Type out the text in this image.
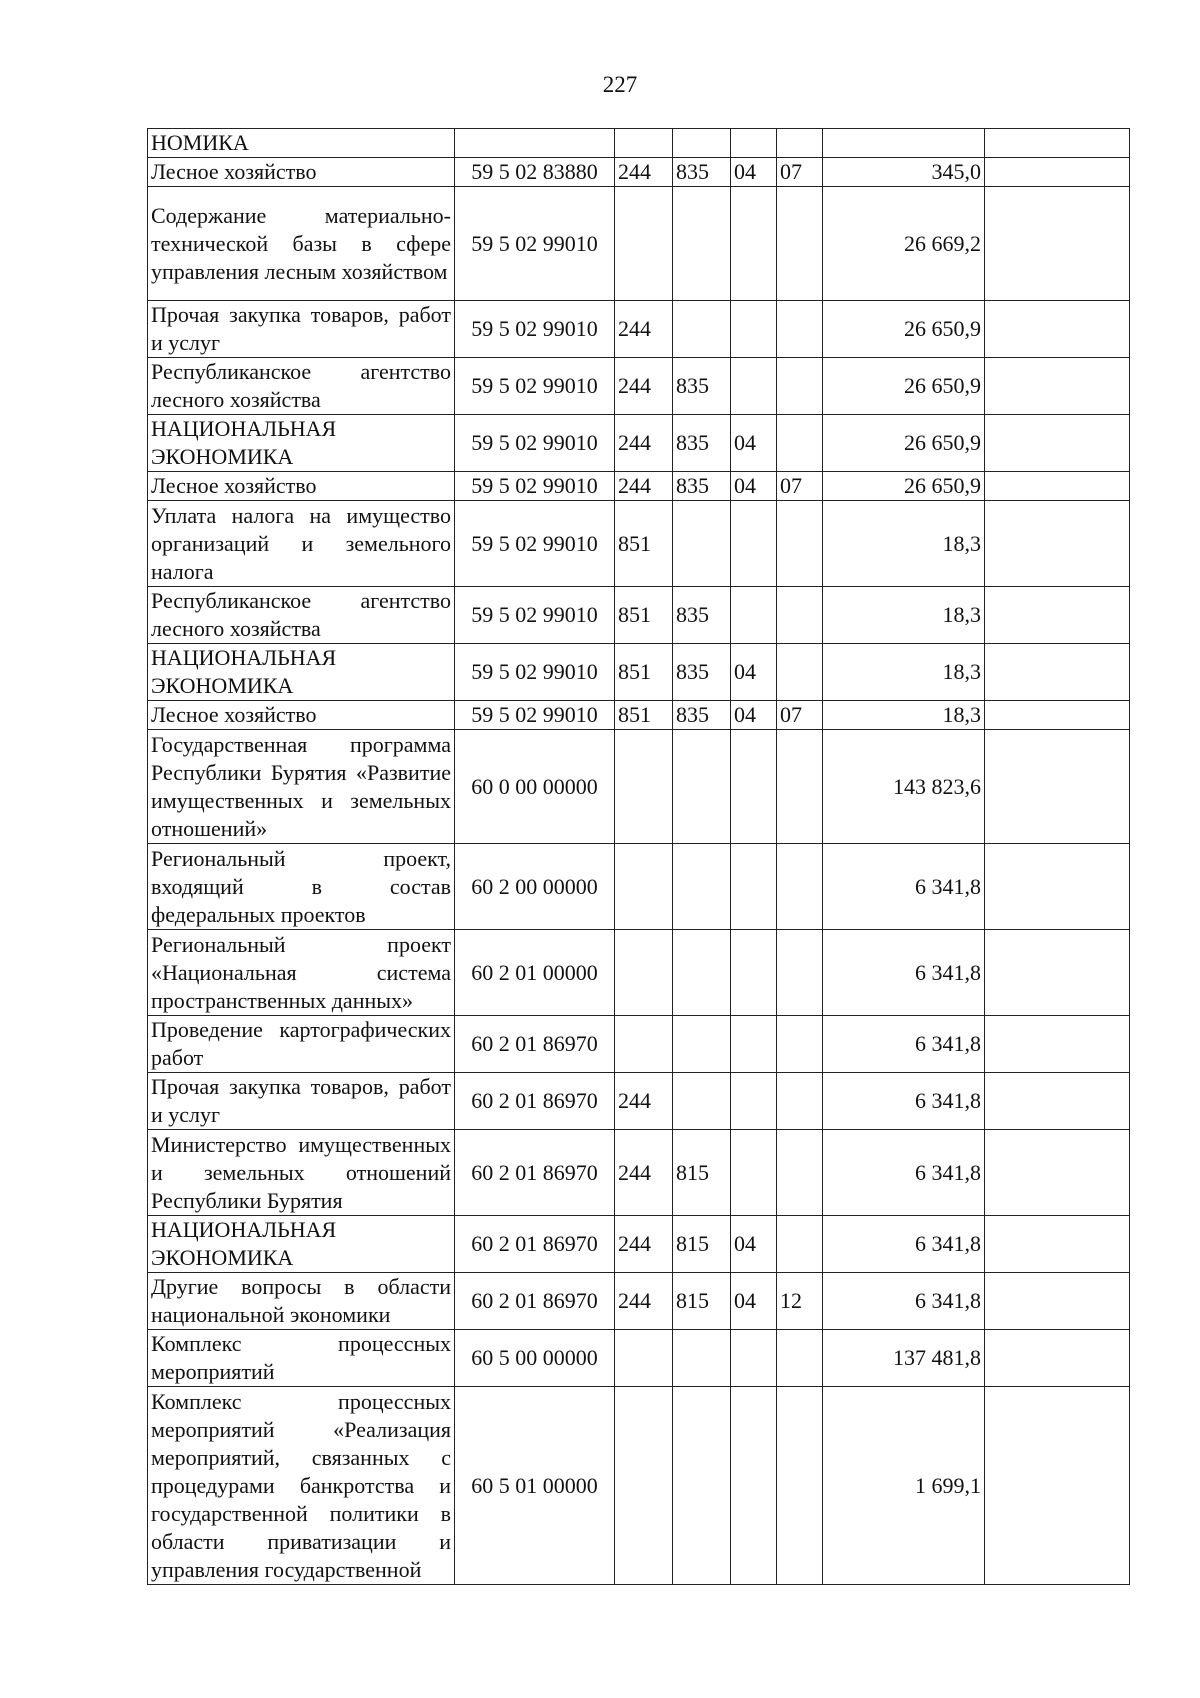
227
НОМИКА							
Лесное хозяйство	59 5 02 83880	244	835	04	07	345,0	
Содержание материально-технической базы в сфере управления лесным хозяйством	59 5 02 99010					26 669,2	
Прочая закупка товаров, работ и услуг	59 5 02 99010	244				26 650,9	
Республиканское агентство лесного хозяйства	59 5 02 99010	244	835			26 650,9	
НАЦИОНАЛЬНАЯ ЭКОНОМИКА	59 5 02 99010	244	835	04		26 650,9	
Лесное хозяйство	59 5 02 99010	244	835	04	07	26 650,9	
Уплата налога на имущество организаций и земельного налога	59 5 02 99010	851				18,3	
Республиканское агентство лесного хозяйства	59 5 02 99010	851	835			18,3	
НАЦИОНАЛЬНАЯ ЭКОНОМИКА	59 5 02 99010	851	835	04		18,3	
Лесное хозяйство	59 5 02 99010	851	835	04	07	18,3	
Государственная программа Республики Бурятия «Развитие имущественных и земельных отношений»	60 0 00 00000					143 823,6	
Региональный проект, входящий в состав федеральных проектов	60 2 00 00000					6 341,8	
Региональный проект «Национальная система пространственных данных»	60 2 01 00000					6 341,8	
Проведение картографических работ	60 2 01 86970					6 341,8	
Прочая закупка товаров, работ и услуг	60 2 01 86970	244				6 341,8	
Министерство имущественных и земельных отношений Республики Бурятия	60 2 01 86970	244	815			6 341,8	
НАЦИОНАЛЬНАЯ ЭКОНОМИКА	60 2 01 86970	244	815	04		6 341,8	
Другие вопросы в области национальной экономики	60 2 01 86970	244	815	04	12	6 341,8	
Комплекс процессных мероприятий	60 5 00 00000					137 481,8	
Комплекс процессных мероприятий «Реализация мероприятий, связанных с процедурами банкротства и государственной политики в области приватизации и управления государственной	60 5 01 00000					1 699,1	
